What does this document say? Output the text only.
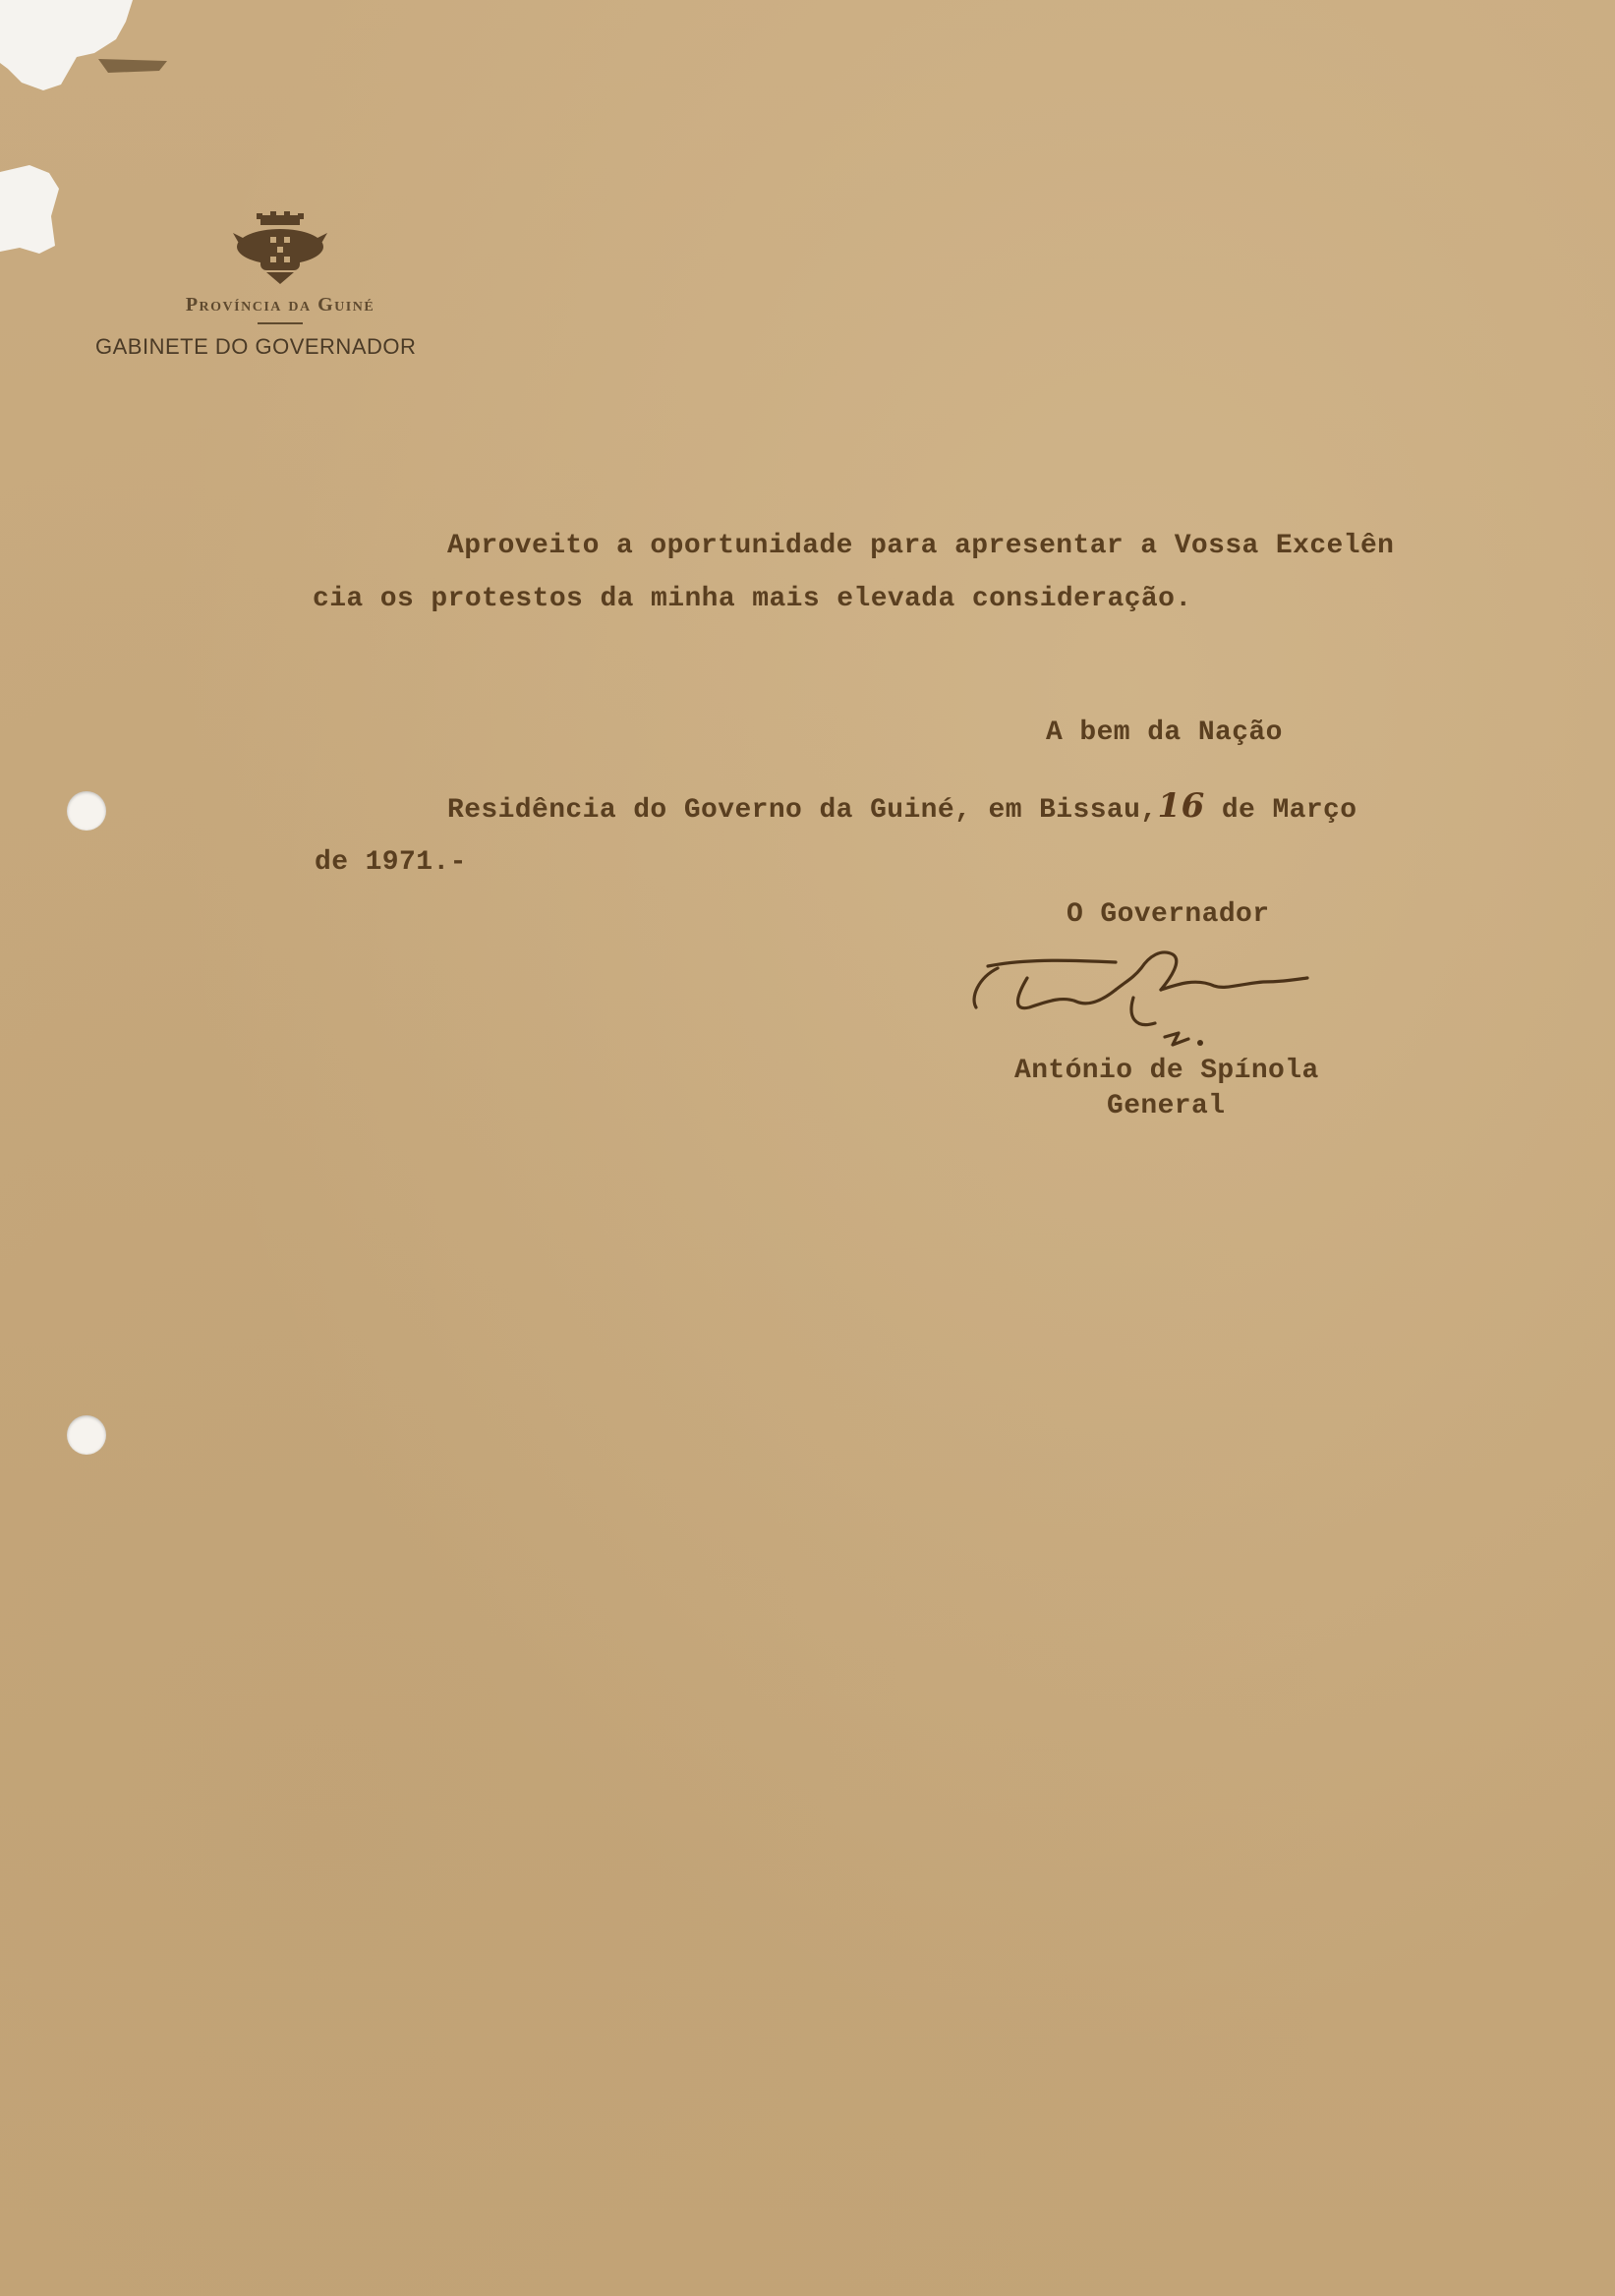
Província da Guiné
GABINETE DO GOVERNADOR
Aproveito a oportunidade para apresentar a Vossa Excelên
cia os protestos da minha mais elevada consideração.
A bem da Nação
Residência do Governo da Guiné, em Bissau,16 de Março
de 1971.-
O Governador
António de Spínola
General
